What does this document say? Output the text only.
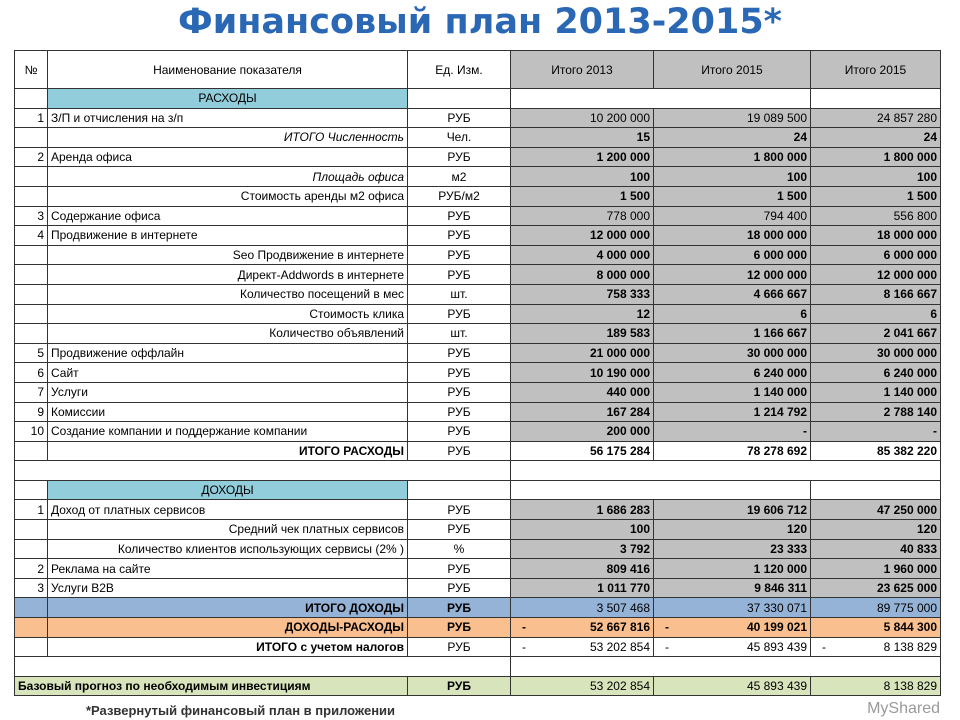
Финансовый план 2013-2015*
№	Наименование показателя	Ед. Изм.	Итого 2013	Итого 2015	Итого 2015
	РАСХОДЫ				
1	З/П и отчисления на з/п	РУБ	10 200 000	19 089 500	24 857 280

	ИТОГО Численность	Чел.	15	24	24

2	Аренда офиса	РУБ	1 200 000	1 800 000	1 800 000

	Площадь офиса	м2	100	100	100

	Стоимость аренды м2 офиса	РУБ/м2	1 500	1 500	1 500

3	Содержание офиса	РУБ	778 000	794 400	556 800

4	Продвижение в интернете	РУБ	12 000 000	18 000 000	18 000 000

	Seo Продвижение в интернете	РУБ	4 000 000	6 000 000	6 000 000

	Директ-Addwords в интернете	РУБ	8 000 000	12 000 000	12 000 000

	Количество посещений в мес	шт.	758 333	4 666 667	8 166 667

	Стоимость клика	РУБ	12	6	6

	Количество объявлений	шт.	189 583	1 166 667	2 041 667

5	Продвижение оффлайн	РУБ	21 000 000	30 000 000	30 000 000

6	Сайт	РУБ	10 190 000	6 240 000	6 240 000

7	Услуги	РУБ	440 000	1 140 000	1 140 000

9	Комиссии	РУБ	167 284	1 214 792	2 788 140

10	Создание компании и поддержание компании	РУБ	200 000	-	-

	ИТОГО РАСХОДЫ	РУБ	56 175 284	78 278 692	85 382 220

	ДОХОДЫ				
1	Доход от платных сервисов	РУБ	1 686 283	19 606 712	47 250 000

	Средний чек платных сервисов	РУБ	100	120	120

	Количество клиентов использующих сервисы (2% )	%	3 792	23 333	40 833

2	Реклама на сайте	РУБ	809 416	1 120 000	1 960 000

3	Услуги B2B	РУБ	1 011 770	9 846 311	23 625 000

	ИТОГО ДОХОДЫ	РУБ	3 507 468	37 330 071	89 775 000

	ДОХОДЫ-РАСХОДЫ	РУБ	- 52 667 816	- 40 199 021	5 844 300

	ИТОГО с учетом налогов	РУБ	- 53 202 854	- 45 893 439	- 8 138 829

Базовый прогноз по необходимым инвестициям		РУБ	53 202 854	45 893 439	8 138 829
*Развернутый финансовый план в приложении	MyShared
